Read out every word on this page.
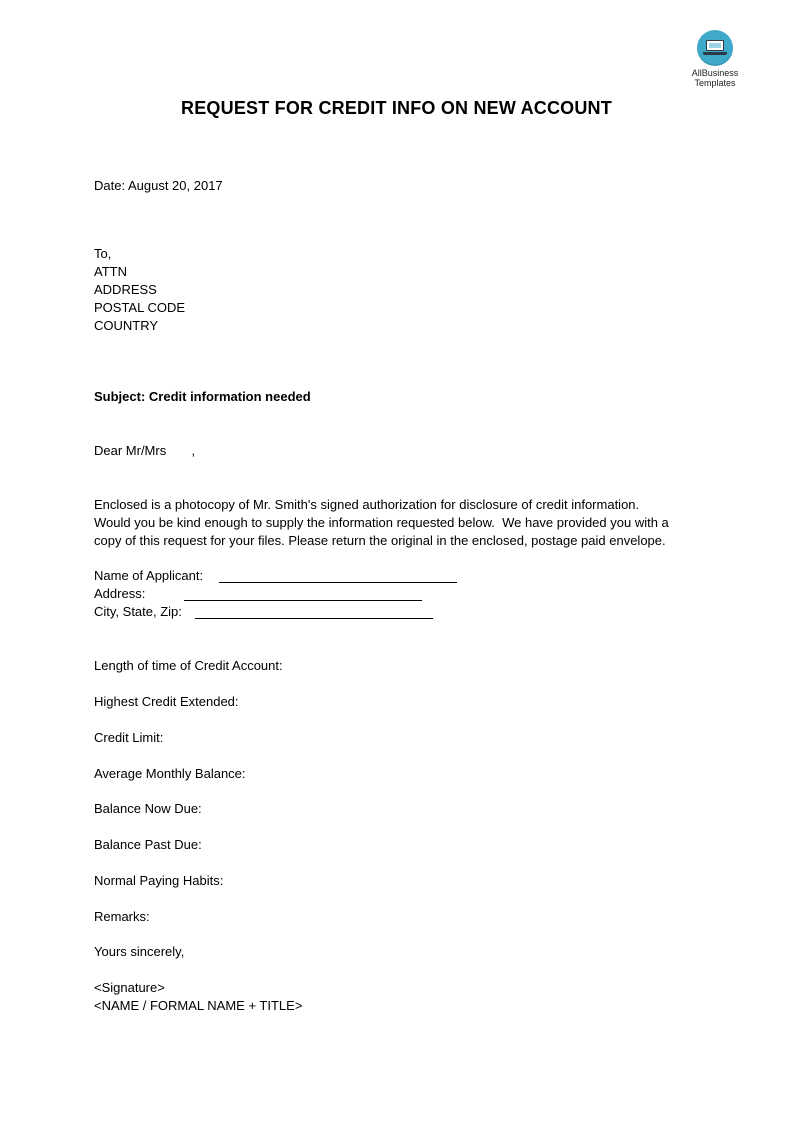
AllBusiness
Templates
REQUEST FOR CREDIT INFO ON NEW ACCOUNT
Date: August 20, 2017
To,
ATTN
ADDRESS
POSTAL CODE
COUNTRY
Subject: Credit information needed
Dear Mr/Mrs       ,
Enclosed is a photocopy of Mr. Smith's signed authorization for disclosure of credit information.
Would you be kind enough to supply the information requested below.  We have provided you with a
copy of this request for your files. Please return the original in the enclosed, postage paid envelope.
Name of Applicant:
Address:
City, State, Zip:
Length of time of Credit Account:
Highest Credit Extended:
Credit Limit:
Average Monthly Balance:
Balance Now Due:
Balance Past Due:
Normal Paying Habits:
Remarks:
Yours sincerely,
<Signature>
<NAME / FORMAL NAME + TITLE>
